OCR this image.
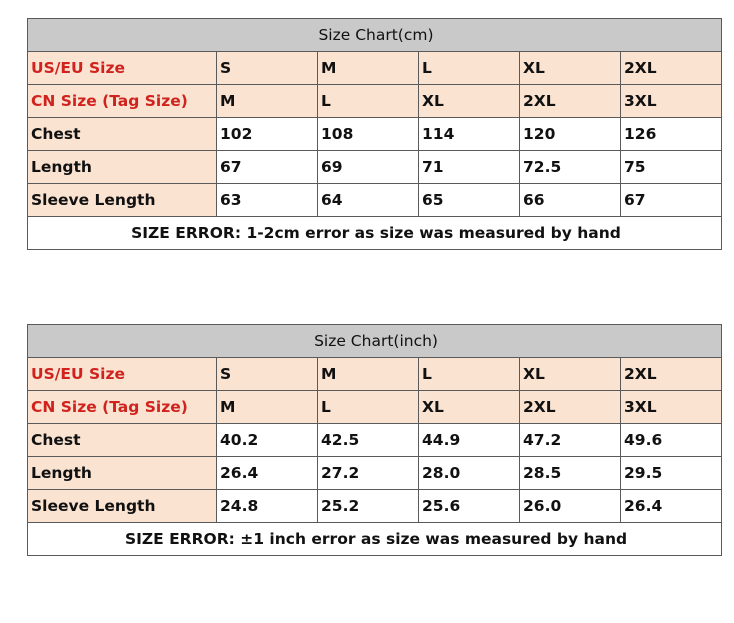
Size Chart(cm)					
US/EU Size	S	M	L	XL	2XL
CN Size (Tag Size)	M	L	XL	2XL	3XL
Chest	102	108	114	120	126
Length	67	69	71	72.5	75
Sleeve Length	63	64	65	66	67
SIZE ERROR: 1-2cm error as size was measured by hand					
Size Chart(inch)					
US/EU Size	S	M	L	XL	2XL
CN Size (Tag Size)	M	L	XL	2XL	3XL
Chest	40.2	42.5	44.9	47.2	49.6
Length	26.4	27.2	28.0	28.5	29.5
Sleeve Length	24.8	25.2	25.6	26.0	26.4
SIZE ERROR: ±1 inch error as size was measured by hand					
